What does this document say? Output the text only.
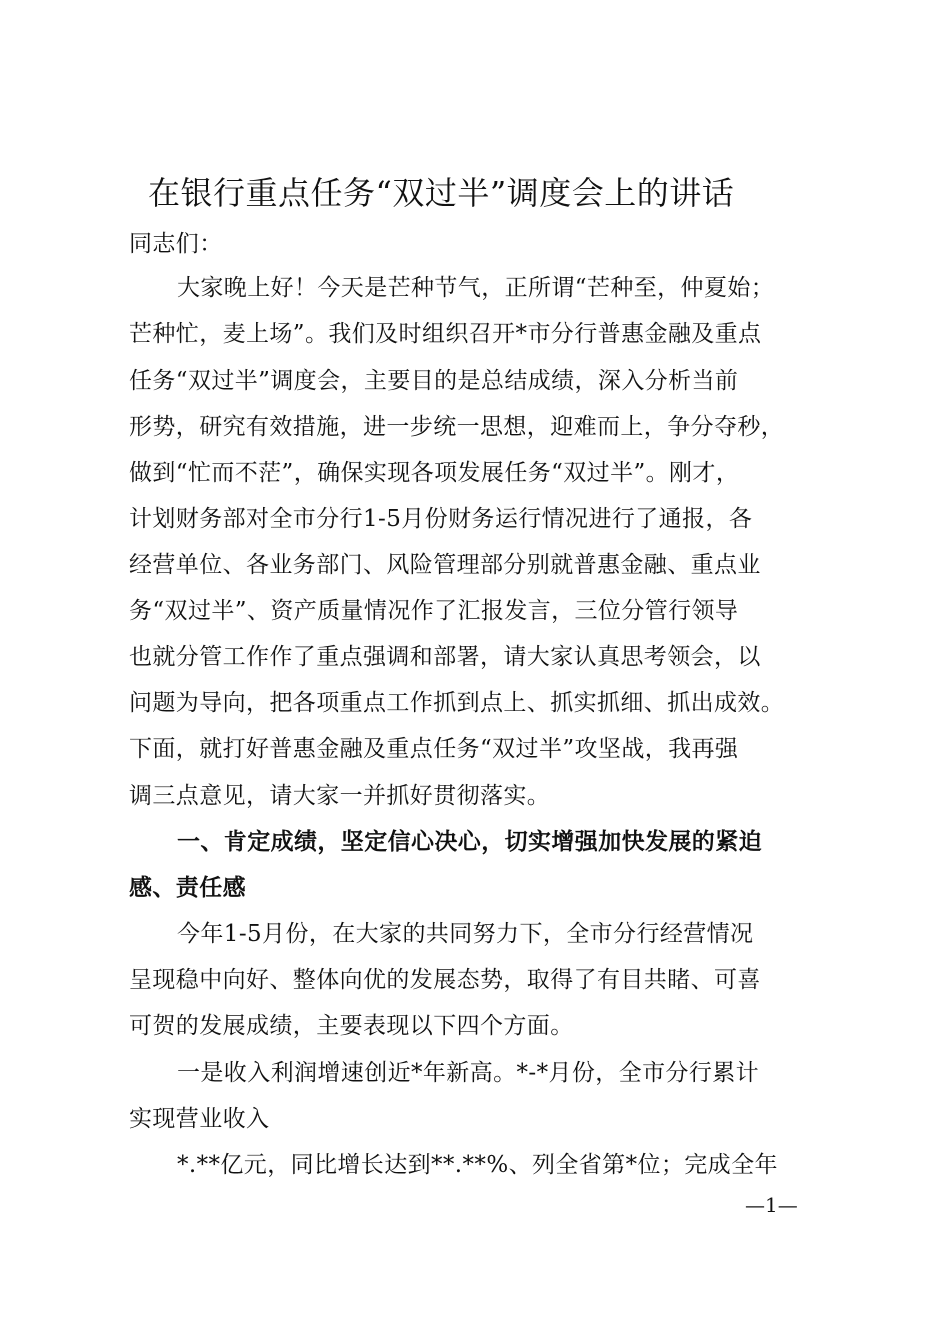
在银行重点任务“双过半”调度会上的讲话
同志们：
大家晚上好！今天是芒种节气，正所谓“芒种至，仲夏始；
芒种忙，麦上场”。我们及时组织召开*市分行普惠金融及重点
任务“双过半”调度会，主要目的是总结成绩，深入分析当前
形势，研究有效措施，进一步统一思想，迎难而上，争分夺秒，
做到“忙而不茫”，确保实现各项发展任务“双过半”。刚才，
计划财务部对全市分行1-5月份财务运行情况进行了通报，各
经营单位、各业务部门、风险管理部分别就普惠金融、重点业
务“双过半”、资产质量情况作了汇报发言，三位分管行领导
也就分管工作作了重点强调和部署，请大家认真思考领会，以
问题为导向，把各项重点工作抓到点上、抓实抓细、抓出成效。
下面，就打好普惠金融及重点任务“双过半”攻坚战，我再强
调三点意见，请大家一并抓好贯彻落实。
一、肯定成绩，坚定信心决心，切实增强加快发展的紧迫
感、责任感
今年1-5月份，在大家的共同努力下，全市分行经营情况
呈现稳中向好、整体向优的发展态势，取得了有目共睹、可喜
可贺的发展成绩，主要表现以下四个方面。
一是收入利润增速创近*年新高。*-*月份，全市分行累计
实现营业收入
*.**亿元，同比增长达到**.**%、列全省第*位；完成全年
—1—
